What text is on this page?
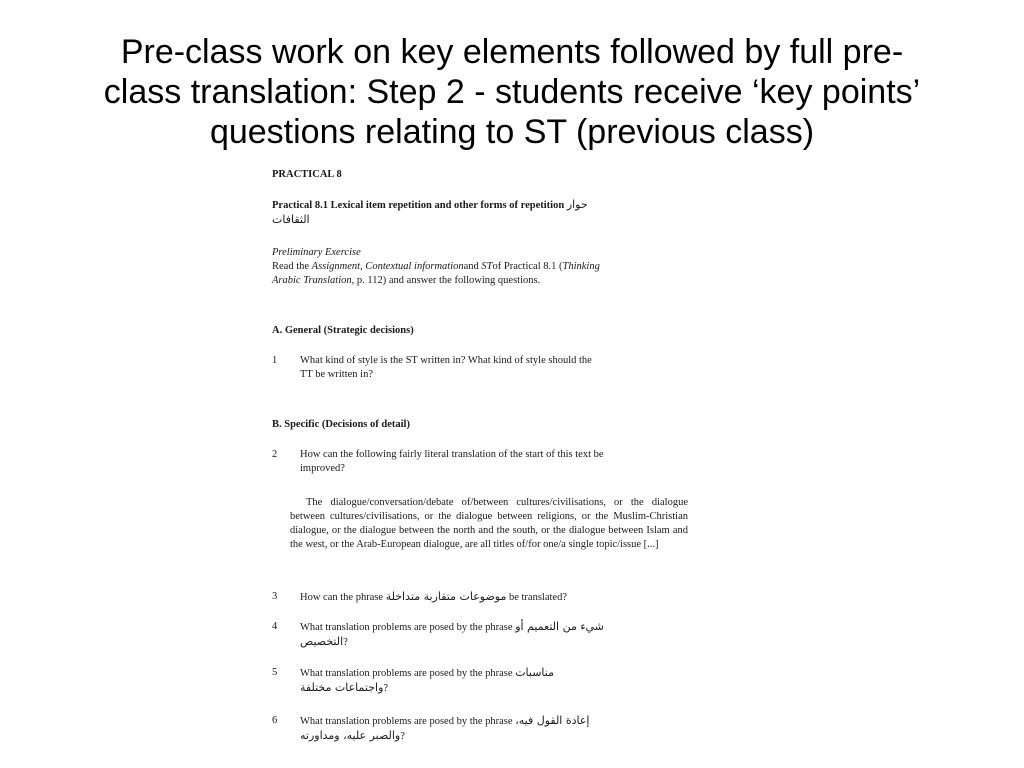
Pre-class work on key elements followed by full pre-
class translation: Step 2 - students receive ‘key points’
questions relating to ST (previous class)
PRACTICAL 8
Practical 8.1 Lexical item repetition and other forms of repetition حوار
الثقافات
Preliminary Exercise
Read the Assignment, Contextual informationand STof Practical 8.1 (Thinking
Arabic Translation, p. 112) and answer the following questions.
A. General (Strategic decisions)
1	What kind of style is the ST written in? What kind of style should the
TT be written in?
B. Specific (Decisions of detail)
2	How can the following fairly literal translation of the start of this text be
improved?

The dialogue/conversation/debate of/between cultures/civilisations, or the dialogue between cultures/civilisations, or the dialogue between religions, or the Muslim-Christian dialogue, or the dialogue between the north and the south, or the dialogue between Islam and the west, or the Arab-European dialogue, are all titles of/for one/a single topic/issue [...]

3	How can the phrase موضوعات متقاربة متداخلة be translated?
4	What translation problems are posed by the phrase شيء من التعميم أو
التخصيص?
5	What translation problems are posed by the phrase مناسبات
واجتماعات مختلفة?
6	What translation problems are posed by the phrase إعادة القول فيه،
والصبر عليه، ومداورته?
